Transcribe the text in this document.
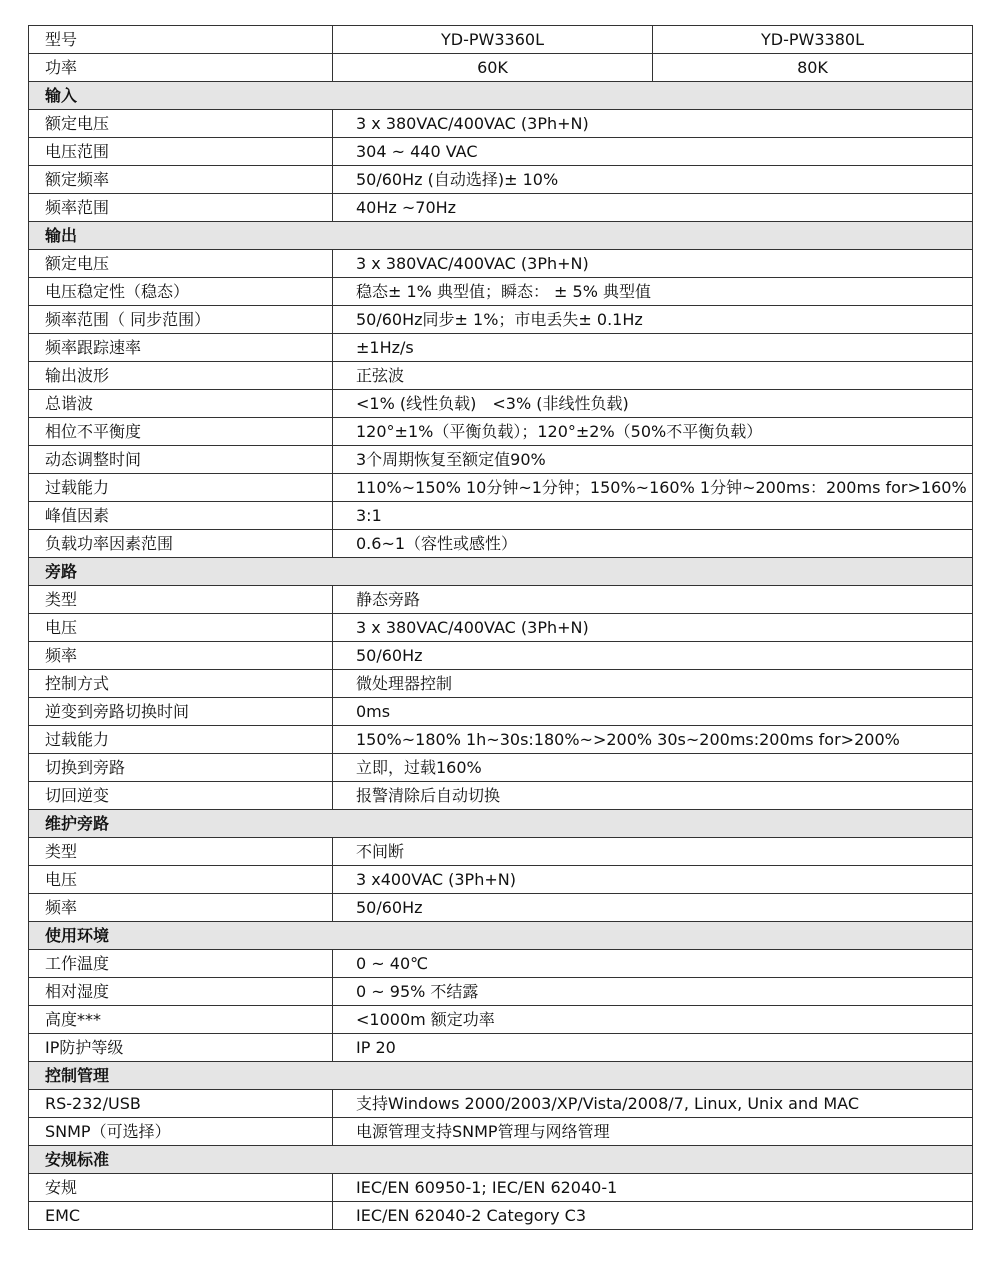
型号	YD-PW3360L	YD-PW3380L
功率	60K	80K
输入		
额定电压	3 x 380VAC/400VAC (3Ph+N)	
电压范围	304 ~ 440 VAC	
额定频率	50/60Hz (自动选择)± 10%	
频率范围	40Hz ~70Hz	
输出		
额定电压	3 x 380VAC/400VAC (3Ph+N)	
电压稳定性（稳态）	稳态± 1% 典型值；瞬态： ± 5% 典型值	
频率范围（ 同步范围）	50/60Hz同步± 1%；市电丢失± 0.1Hz	
频率跟踪速率	±1Hz/s	
输出波形	正弦波	
总谐波	<1% (线性负载)　<3% (非线性负载)	
相位不平衡度	120°±1%（平衡负载）；120°±2%（50%不平衡负载）	
动态调整时间	3个周期恢复至额定值90%	
过载能力	110%~150% 10分钟~1分钟；150%~160% 1分钟~200ms：200ms for>160%	
峰值因素	3:1	
负载功率因素范围	0.6~1（容性或感性）	
旁路		
类型	静态旁路	
电压	3 x 380VAC/400VAC (3Ph+N)	
频率	50/60Hz	
控制方式	微处理器控制	
逆变到旁路切换时间	0ms	
过载能力	150%~180% 1h~30s:180%~>200% 30s~200ms:200ms for>200%	
切换到旁路	立即，过载160%	
切回逆变	报警清除后自动切换	
维护旁路		
类型	不间断	
电压	3 x400VAC (3Ph+N)	
频率	50/60Hz	
使用环境		
工作温度	0 ~ 40℃	
相对湿度	0 ~ 95% 不结露	
高度***	<1000m 额定功率	
IP防护等级	IP 20	
控制管理		
RS-232/USB	支持Windows 2000/2003/XP/Vista/2008/7, Linux, Unix and MAC	
SNMP（可选择）	电源管理支持SNMP管理与网络管理	
安规标准		
安规	IEC/EN 60950-1; IEC/EN 62040-1	
EMC	IEC/EN 62040-2 Category C3	
